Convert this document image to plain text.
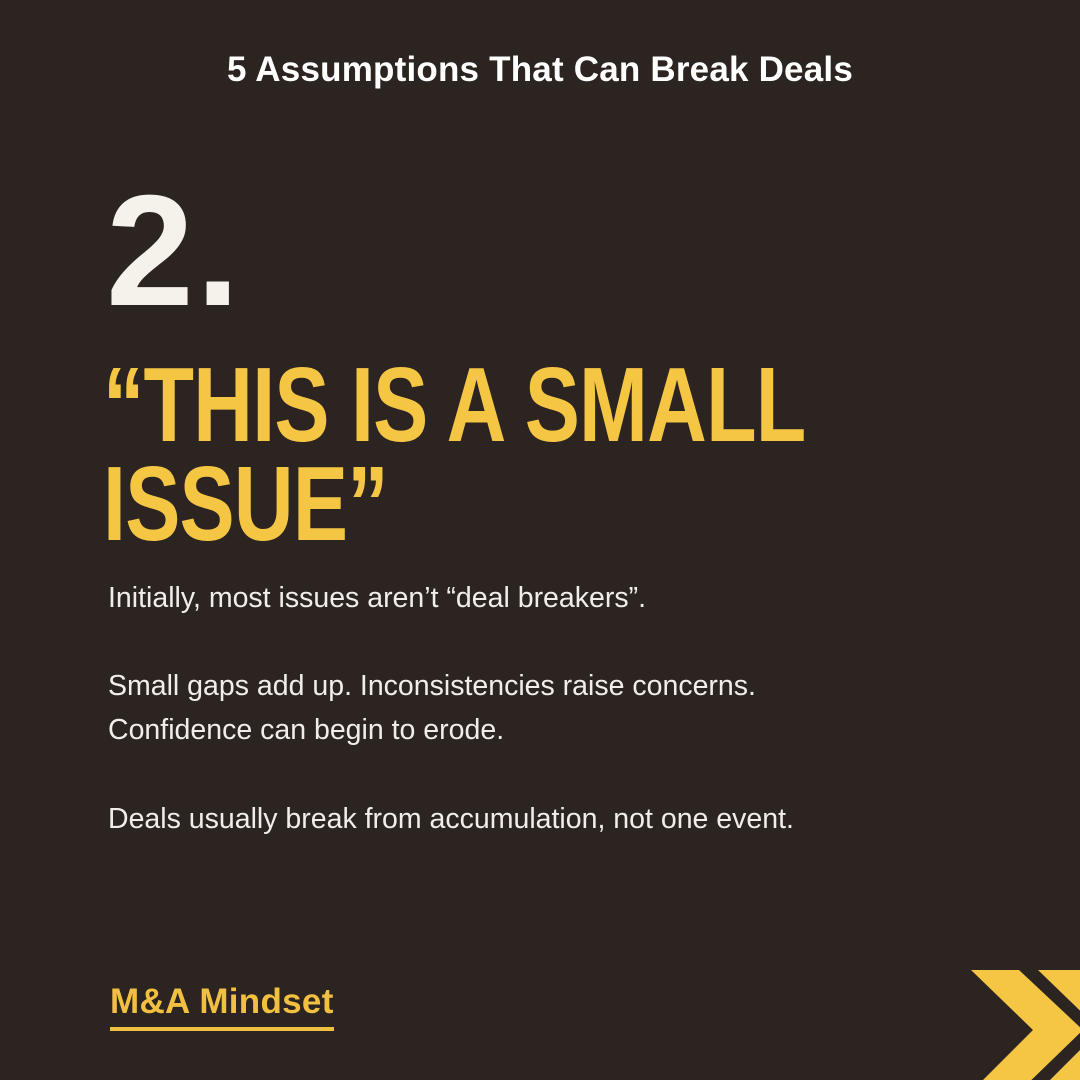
5 Assumptions That Can Break Deals
2.
“THIS IS A SMALL
ISSUE”

Initially, most issues aren’t “deal breakers”.

Small gaps add up. Inconsistencies raise concerns. Confidence can begin to erode.

Deals usually break from accumulation, not one event.

M&A Mindset
